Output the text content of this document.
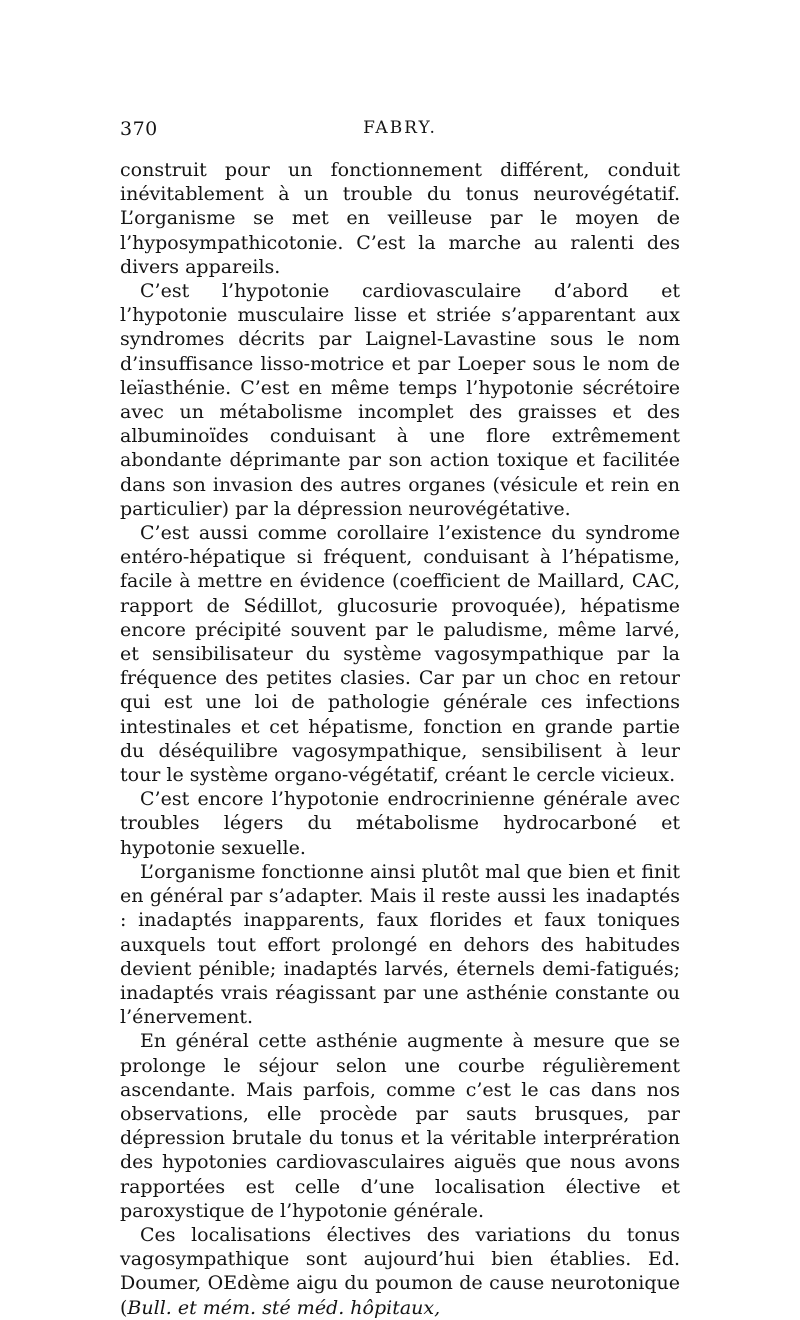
370	FABRY.

construit pour un fonctionnement différent, conduit inévitablement à un trouble du tonus neurovégétatif. L’organisme se met en veilleuse par le moyen de l’hyposympathicotonie. C’est la marche au ralenti des divers appareils.

C’est l’hypotonie cardiovasculaire d’abord et l’hypotonie musculaire lisse et striée s’apparentant aux syndromes décrits par Laignel-Lavastine sous le nom d’insuffisance lisso-motrice et par Loeper sous le nom de leïasthénie. C’est en même temps l’hypotonie sécrétoire avec un métabolisme incomplet des graisses et des albuminoïdes conduisant à une flore extrêmement abondante déprimante par son action toxique et facilitée dans son invasion des autres organes (vésicule et rein en particulier) par la dépression neurovégétative.

C’est aussi comme corollaire l’existence du syndrome entéro-hépatique si fréquent, conduisant à l’hépatisme, facile à mettre en évidence (coefficient de Maillard, CAC, rapport de Sédillot, glucosurie provoquée), hépatisme encore précipité souvent par le paludisme, même larvé, et sensibilisateur du système vagosympathique par la fréquence des petites clasies. Car par un choc en retour qui est une loi de pathologie générale ces infections intestinales et cet hépatisme, fonction en grande partie du déséquilibre vagosympathique, sensibilisent à leur tour le système organo-végétatif, créant le cercle vicieux.

C’est encore l’hypotonie endrocrinienne générale avec troubles légers du métabolisme hydrocarboné et hypotonie sexuelle.

L’organisme fonctionne ainsi plutôt mal que bien et finit en général par s’adapter. Mais il reste aussi les inadaptés : inadaptés inapparents, faux florides et faux toniques auxquels tout effort prolongé en dehors des habitudes devient pénible; inadaptés larvés, éternels demi-fatigués; inadaptés vrais réagissant par une asthénie constante ou l’énervement.

En général cette asthénie augmente à mesure que se prolonge le séjour selon une courbe régulièrement ascendante. Mais parfois, comme c’est le cas dans nos observations, elle procède par sauts brusques, par dépression brutale du tonus et la véritable interprération des hypotonies cardiovasculaires aiguës que nous avons rapportées est celle d’une localisation élective et paroxystique de l’hypotonie générale.

Ces localisations électives des variations du tonus vagosympathique sont aujourd’hui bien établies. Ed. Doumer, OEdème aigu du poumon de cause neurotonique (Bull. et mém. sté méd. hôpitaux,
